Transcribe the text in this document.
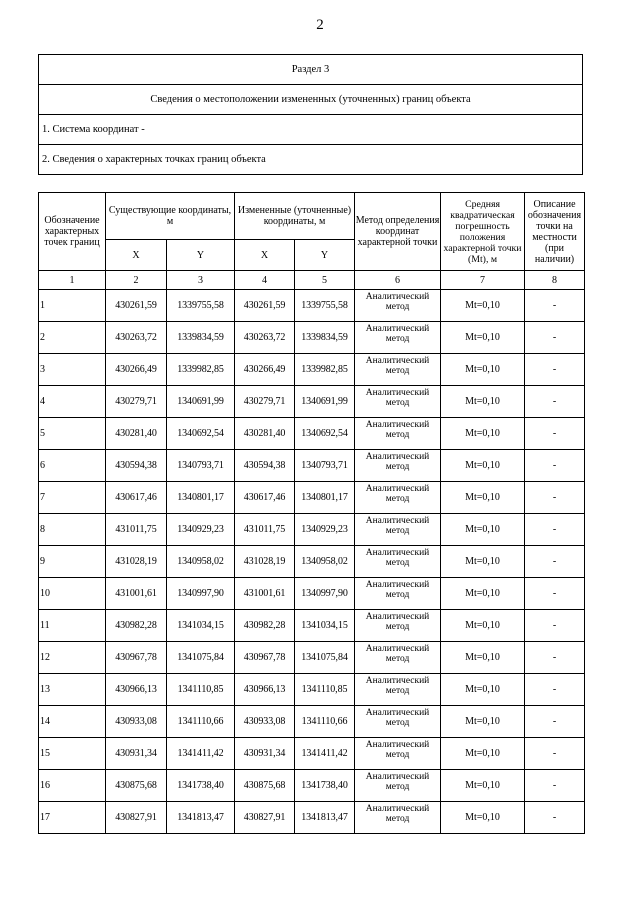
2
Раздел 3
Сведения о местоположении измененных (уточненных) границ объекта
1. Система координат -
2. Сведения о характерных точках границ объекта
Обозначение характерных точек границ	Существующие координаты, м		Измененные (уточненные) координаты, м		Метод определения координат характерной точки	Средняя квадратическая погрешность положения характерной точки (Mt), м	Описание обозначения точки на местности (при наличии)
	X	Y	X	Y			
1	2	3	4	5	6	7	8
1	430261,59	1339755,58	430261,59	1339755,58	Аналитический метод	Mt=0,10	-
2	430263,72	1339834,59	430263,72	1339834,59	Аналитический метод	Mt=0,10	-
3	430266,49	1339982,85	430266,49	1339982,85	Аналитический метод	Mt=0,10	-
4	430279,71	1340691,99	430279,71	1340691,99	Аналитический метод	Mt=0,10	-
5	430281,40	1340692,54	430281,40	1340692,54	Аналитический метод	Mt=0,10	-
6	430594,38	1340793,71	430594,38	1340793,71	Аналитический метод	Mt=0,10	-
7	430617,46	1340801,17	430617,46	1340801,17	Аналитический метод	Mt=0,10	-
8	431011,75	1340929,23	431011,75	1340929,23	Аналитический метод	Mt=0,10	-
9	431028,19	1340958,02	431028,19	1340958,02	Аналитический метод	Mt=0,10	-
10	431001,61	1340997,90	431001,61	1340997,90	Аналитический метод	Mt=0,10	-
11	430982,28	1341034,15	430982,28	1341034,15	Аналитический метод	Mt=0,10	-
12	430967,78	1341075,84	430967,78	1341075,84	Аналитический метод	Mt=0,10	-
13	430966,13	1341110,85	430966,13	1341110,85	Аналитический метод	Mt=0,10	-
14	430933,08	1341110,66	430933,08	1341110,66	Аналитический метод	Mt=0,10	-
15	430931,34	1341411,42	430931,34	1341411,42	Аналитический метод	Mt=0,10	-
16	430875,68	1341738,40	430875,68	1341738,40	Аналитический метод	Mt=0,10	-
17	430827,91	1341813,47	430827,91	1341813,47	Аналитический метод	Mt=0,10	-
